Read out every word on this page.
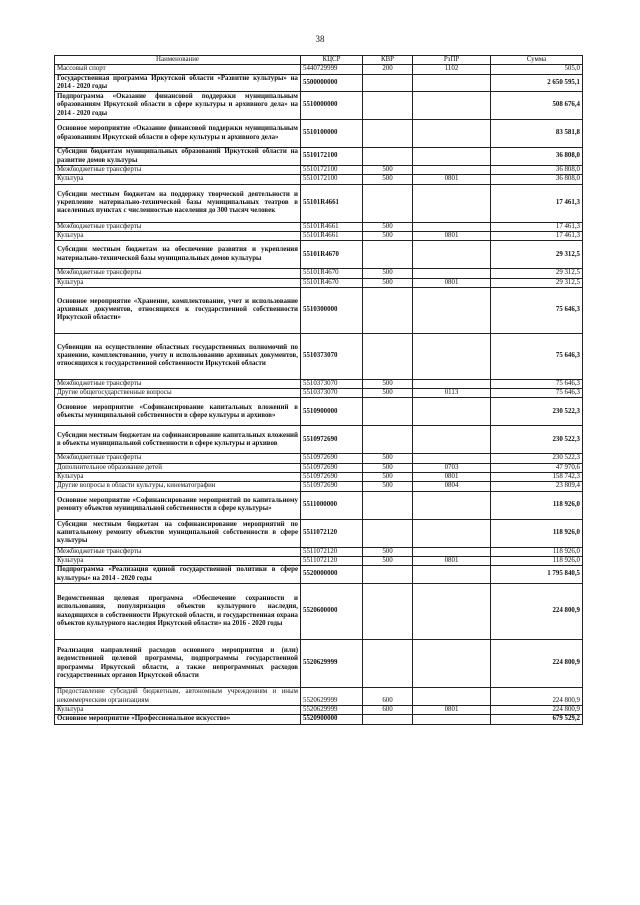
38
Наименование	КЦСР	КВР	РзПР	Сумма
Массовый спорт	5440729999	200	1102	505,0
Государственная программа Иркутской области «Развитие культуры» на 2014 - 2020 годы	5500000000			2 650 595,1
Подпрограмма «Оказание финансовой поддержки муниципальным образованиям Иркутской области в сфере культуры и архивного дела» на 2014 - 2020 годы	5510000000			508 676,4
Основное мероприятие «Оказание финансовой поддержки муниципальным образованиям Иркутской области в сфере культуры и архивного дела»	5510100000			83 581,8
Субсидии бюджетам муниципальных образований Иркутской области на развитие домов культуры	5510172100			36 808,0
Межбюджетные трансферты	5510172100	500		36 808,0
Культура	5510172100	500	0801	36 808,0
Субсидии местным бюджетам на поддержку творческой деятельности и укрепление материально-технической базы муниципальных театров в населенных пунктах с численностью населения до 300 тысяч человек	55101R4661			17 461,3
Межбюджетные трансферты	55101R4661	500		17 461,3
Культура	55101R4661	500	0801	17 461,3
Субсидии местным бюджетам на обеспечение развития и укрепления материально-технической базы муниципальных домов культуры	55101R4670			29 312,5
Межбюджетные трансферты	55101R4670	500		29 312,5
Культура	55101R4670	500	0801	29 312,5
Основное мероприятие «Хранение, комплектование, учет и использование архивных документов, относящихся к государственной собственности Иркутской области»	5510300000			75 646,3
Субвенции на осуществление областных государственных полномочий по хранению, комплектованию, учету и использованию архивных документов, относящихся к государственной собственности Иркутской области	5510373070			75 646,3
Межбюджетные трансферты	5510373070	500		75 646,3
Другие общегосударственные вопросы	5510373070	500	0113	75 646,3
Основное мероприятие «Софинансирование капитальных вложений в объекты муниципальной собственности в сфере культуры и архивов»	5510900000			230 522,3
Субсидии местным бюджетам на софинансирование капитальных вложений в объекты муниципальной собственности в сфере культуры и архивов	5510972690			230 522,3
Межбюджетные трансферты	5510972690	500		230 522,3
Дополнительное образование детей	5510972690	500	0703	47 970,6
Культура	5510972690	500	0801	158 742,3
Другие вопросы в области культуры, кинематографии	5510972690	500	0804	23 809,4
Основное мероприятие «Софинансирование мероприятий по капитальному ремонту объектов муниципальной собственности в сфере культуры»	5511000000			118 926,0
Субсидии местным бюджетам на софинансирование мероприятий по капитальному ремонту объектов муниципальной собственности в сфере культуры	5511072120			118 926,0
Межбюджетные трансферты	5511072120	500		118 926,0
Культура	5511072120	500	0801	118 926,0
Подпрограмма «Реализация единой государственной политики в сфере культуры» на 2014 - 2020 годы	5520000000			1 795 840,5
Ведомственная целевая программа «Обеспечение сохранности и использования, популяризация объектов культурного наследия, находящихся в собственности Иркутской области, и государственная охрана объектов культурного наследия Иркутской области» на 2016 - 2020 годы	5520600000			224 800,9
Реализация направлений расходов основного мероприятия и (или) ведомственной целевой программы, подпрограммы государственной программы Иркутской области, а также непрограммных расходов государственных органов Иркутской области	5520629999			224 800,9
Предоставление субсидий бюджетным, автономным учреждениям и иным некоммерческим организациям	5520629999	600		224 800,9
Культура	5520629999	600	0801	224 800,9
Основное мероприятие «Профессиональное искусство»	5520900000			679 529,2
